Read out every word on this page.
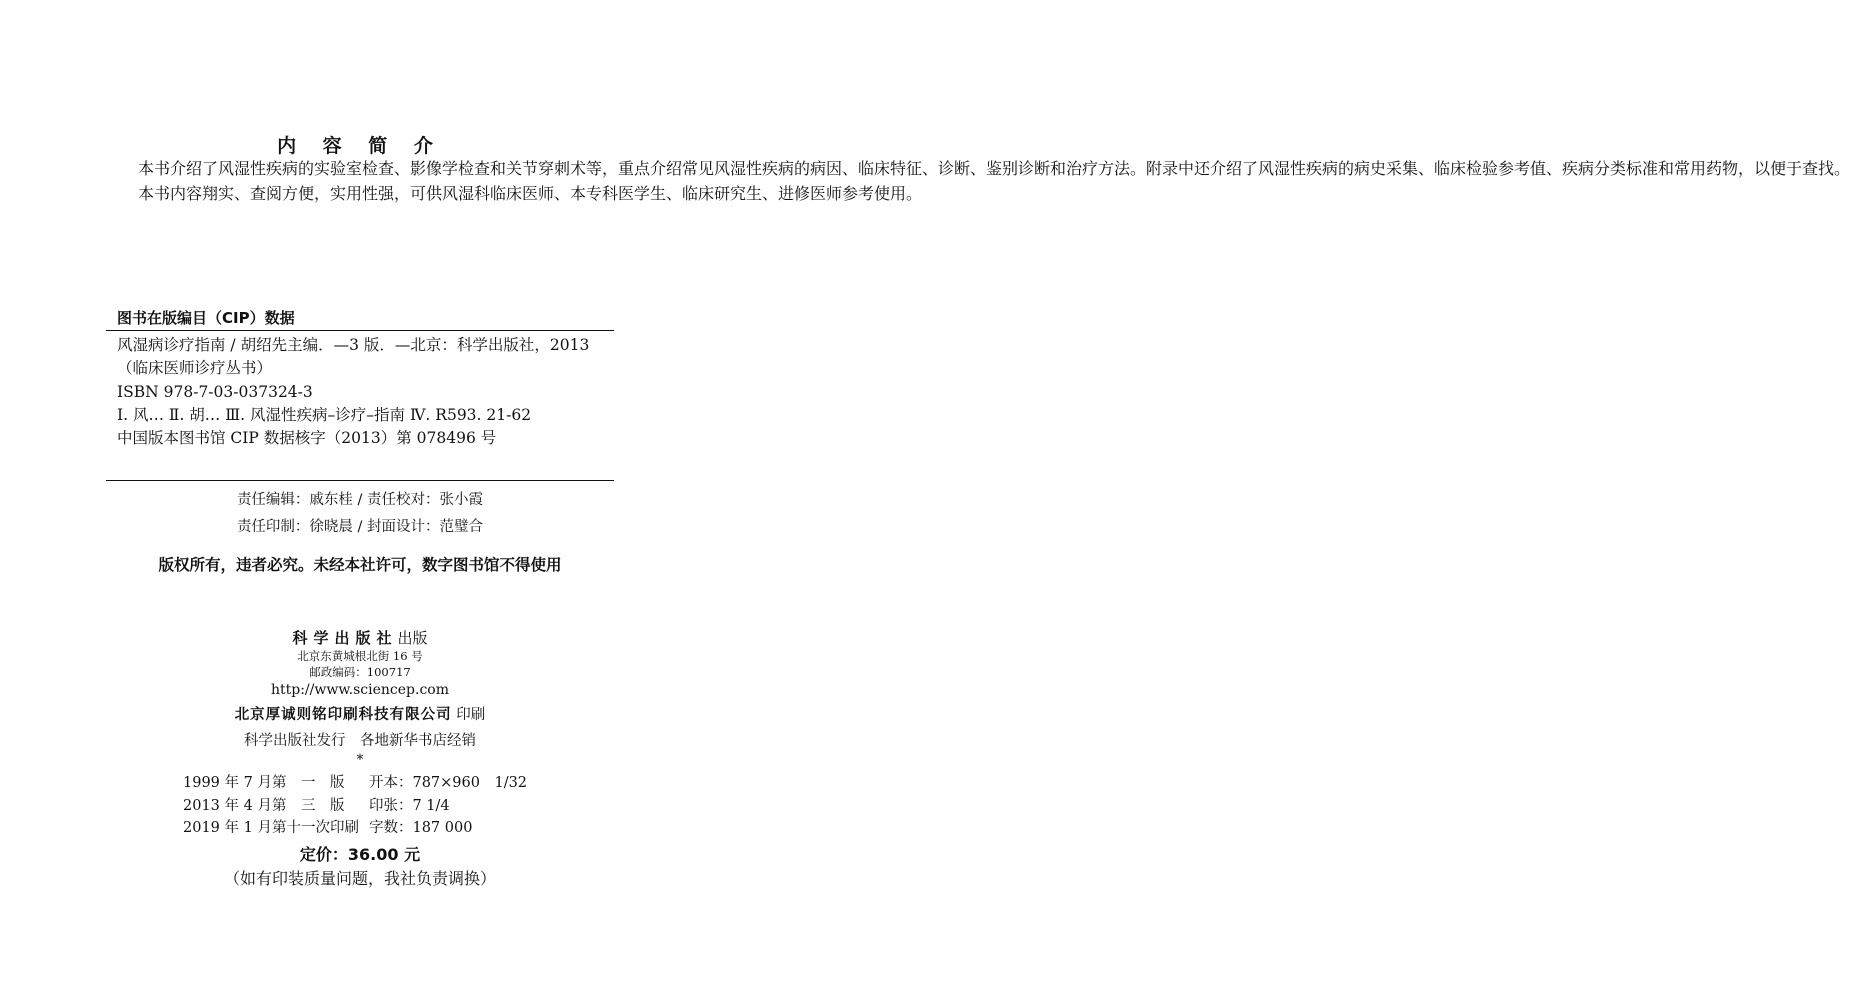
内 容 简 介

　　本书介绍了风湿性疾病的实验室检查、影像学检查和关节穿刺术等，重点介绍常见风湿性疾病的病因、临床特征、诊断、鉴别诊断和治疗方法。附录中还介绍了风湿性疾病的病史采集、临床检验参考值、疾病分类标准和常用药物，以便于查找。

　　本书内容翔实、查阅方便，实用性强，可供风湿科临床医师、本专科医学生、临床研究生、进修医师参考使用。

图书在版编目（CIP）数据
风湿病诊疗指南 / 胡绍先主编．—3 版．—北京：科学出版社，2013
（临床医师诊疗丛书）
ISBN 978-7-03-037324-3
Ⅰ. 风… Ⅱ. 胡… Ⅲ. 风湿性疾病–诊疗–指南 Ⅳ. R593. 21-62
中国版本图书馆 CIP 数据核字（2013）第 078496 号
责任编辑：戚东桂 / 责任校对：张小霞
责任印制：徐晓晨 / 封面设计：范璧合
版权所有，违者必究。未经本社许可，数字图书馆不得使用
科学出版社出版
北京东黄城根北街 16 号
邮政编码：100717
http://www.sciencep.com
北京厚诚则铭印刷科技有限公司 印刷
科学出版社发行　各地新华书店经销
*
1999 年 7 月第　一　版	开本：787×960　1/32
2013 年 4 月第　三　版	印张：7 1/4
2019 年 1 月第十一次印刷	字数：187 000
定价：36.00 元
（如有印装质量问题，我社负责调换）
